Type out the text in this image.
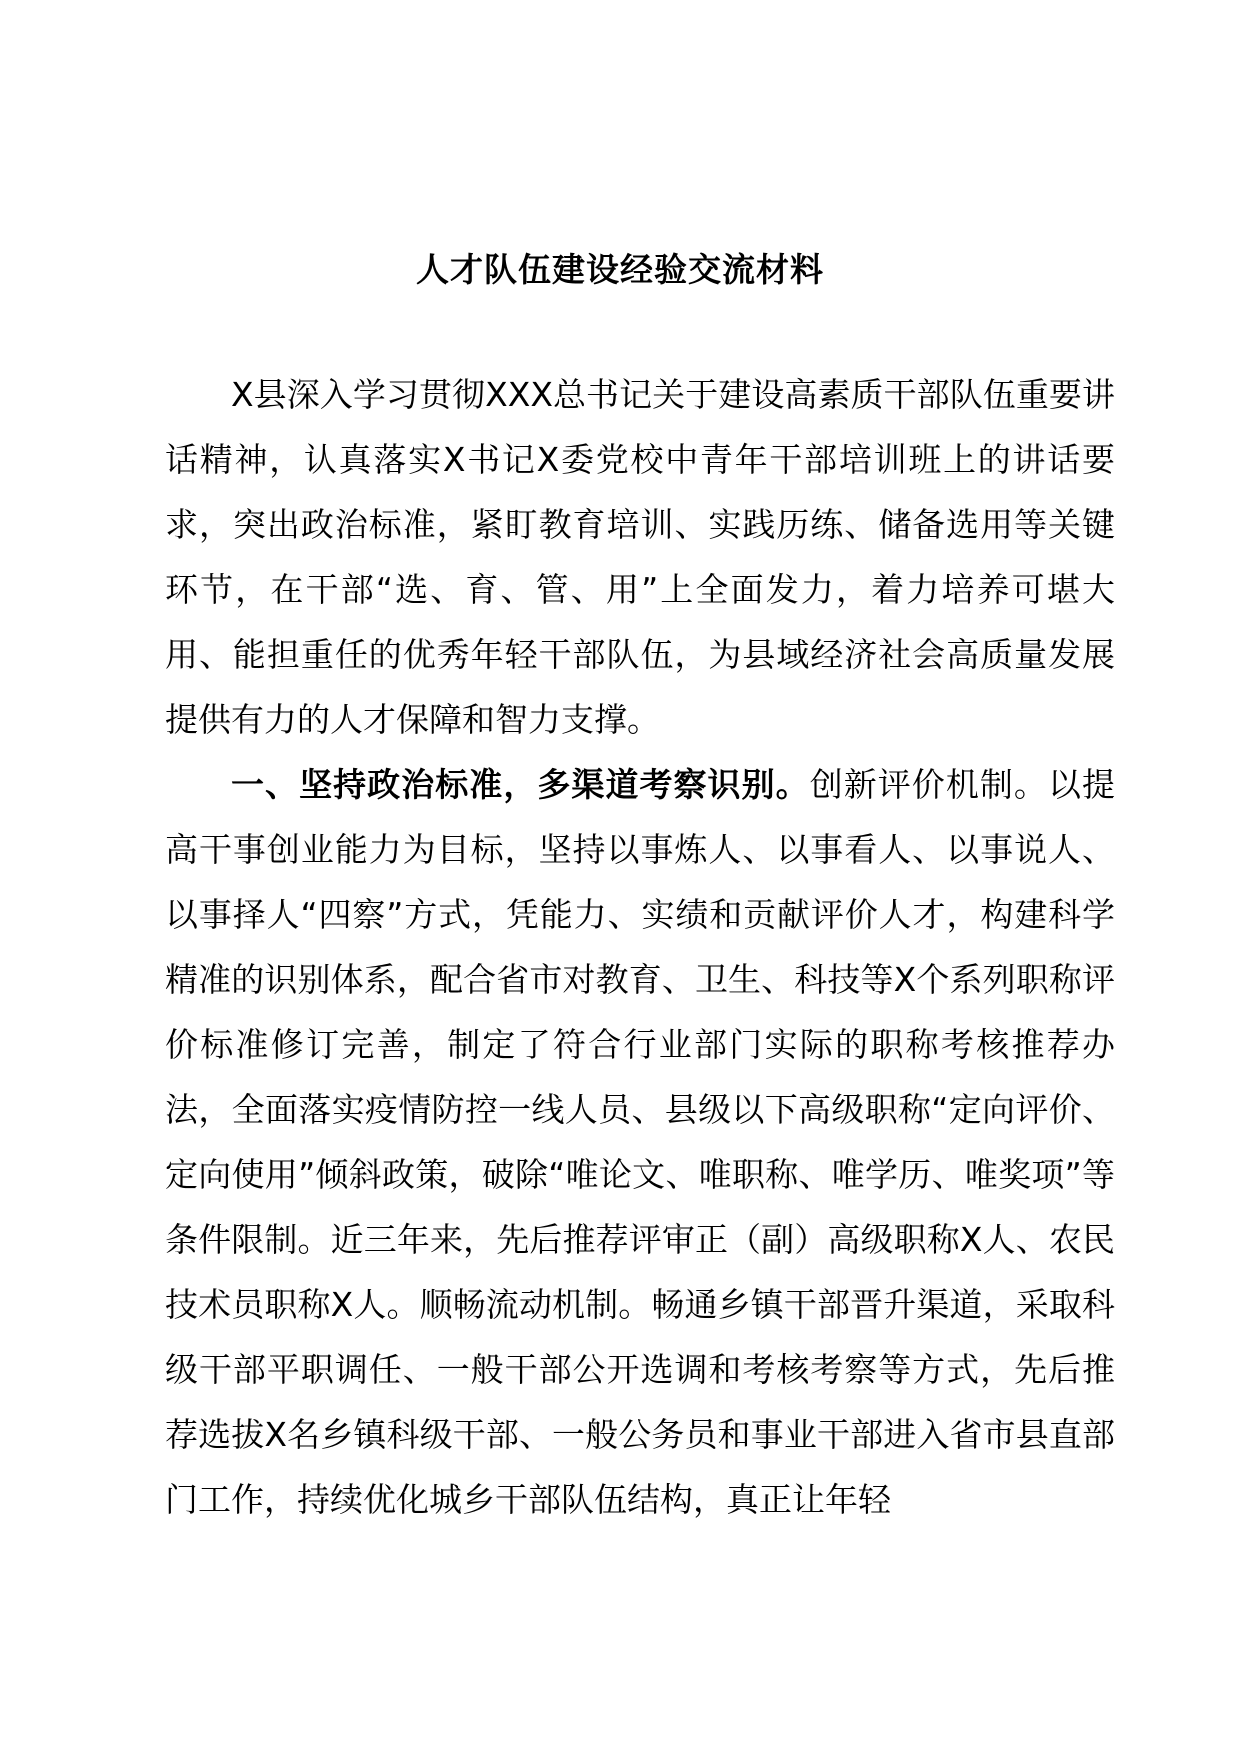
人才队伍建设经验交流材料

X县深入学习贯彻XXX总书记关于建设高素质干部队伍重要讲话精神，认真落实X书记X委党校中青年干部培训班上的讲话要求，突出政治标准，紧盯教育培训、实践历练、储备选用等关键环节，在干部“选、育、管、用”上全面发力，着力培养可堪大用、能担重任的优秀年轻干部队伍，为县域经济社会高质量发展提供有力的人才保障和智力支撑。

一、坚持政治标准，多渠道考察识别。创新评价机制。以提高干事创业能力为目标，坚持以事炼人、以事看人、以事说人、以事择人“四察”方式，凭能力、实绩和贡献评价人才，构建科学精准的识别体系，配合省市对教育、卫生、科技等X个系列职称评价标准修订完善，制定了符合行业部门实际的职称考核推荐办法，全面落实疫情防控一线人员、县级以下高级职称“定向评价、定向使用”倾斜政策，破除“唯论文、唯职称、唯学历、唯奖项”等条件限制。近三年来，先后推荐评审正（副）高级职称X人、农民技术员职称X人。顺畅流动机制。畅通乡镇干部晋升渠道，采取科级干部平职调任、一般干部公开选调和考核考察等方式，先后推荐选拔X名乡镇科级干部、一般公务员和事业干部进入省市县直部门工作，持续优化城乡干部队伍结构，真正让年轻
